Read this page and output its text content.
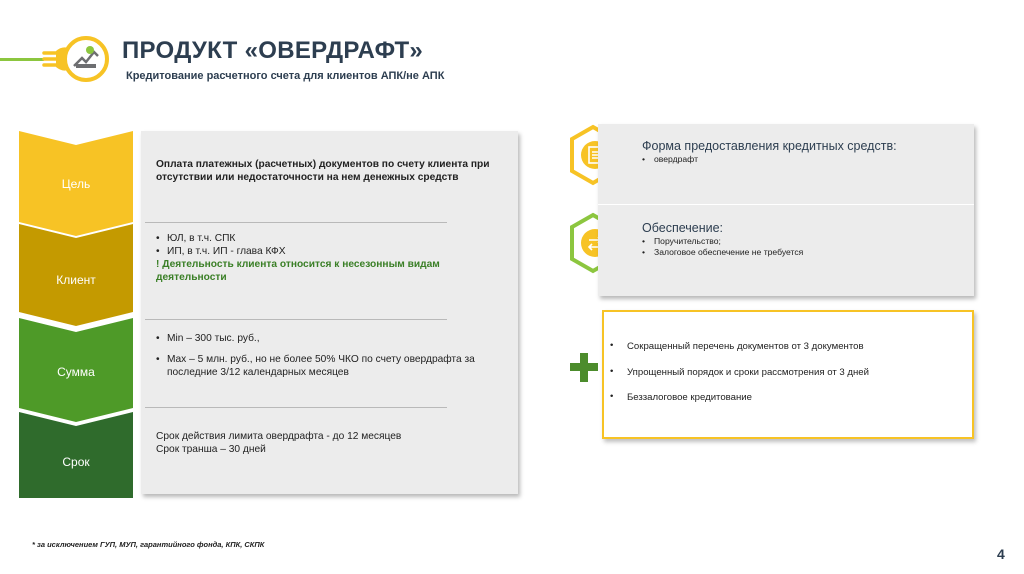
ПРОДУКТ «ОВЕРДРАФТ»
Кредитование расчетного счета для клиентов АПК/не АПК
Цель
Клиент
Сумма
Срок
Оплата платежных (расчетных) документов по счету клиента при отсутствии или недостаточности на нем денежных средств
• ЮЛ, в т.ч. СПК
• ИП, в т.ч. ИП - глава КФХ
! Деятельность клиента относится к несезонным видам деятельности
• Min – 300 тыс. руб.,
• Max – 5 млн. руб., но не более 50% ЧКО по счету овердрафта за последние 3/12 календарных месяцев
Срок действия лимита овердрафта - до 12 месяцев
Срок транша – 30 дней
Форма предоставления кредитных средств:
• овердрафт
Обеспечение:
• Поручительство;
• Залоговое обеспечение не требуется
• Сокращенный перечень документов от 3 документов
• Упрощенный порядок и сроки рассмотрения от 3 дней
• Беззалоговое кредитование
* за исключением ГУП, МУП, гарантийного фонда, КПК, СКПК
4
